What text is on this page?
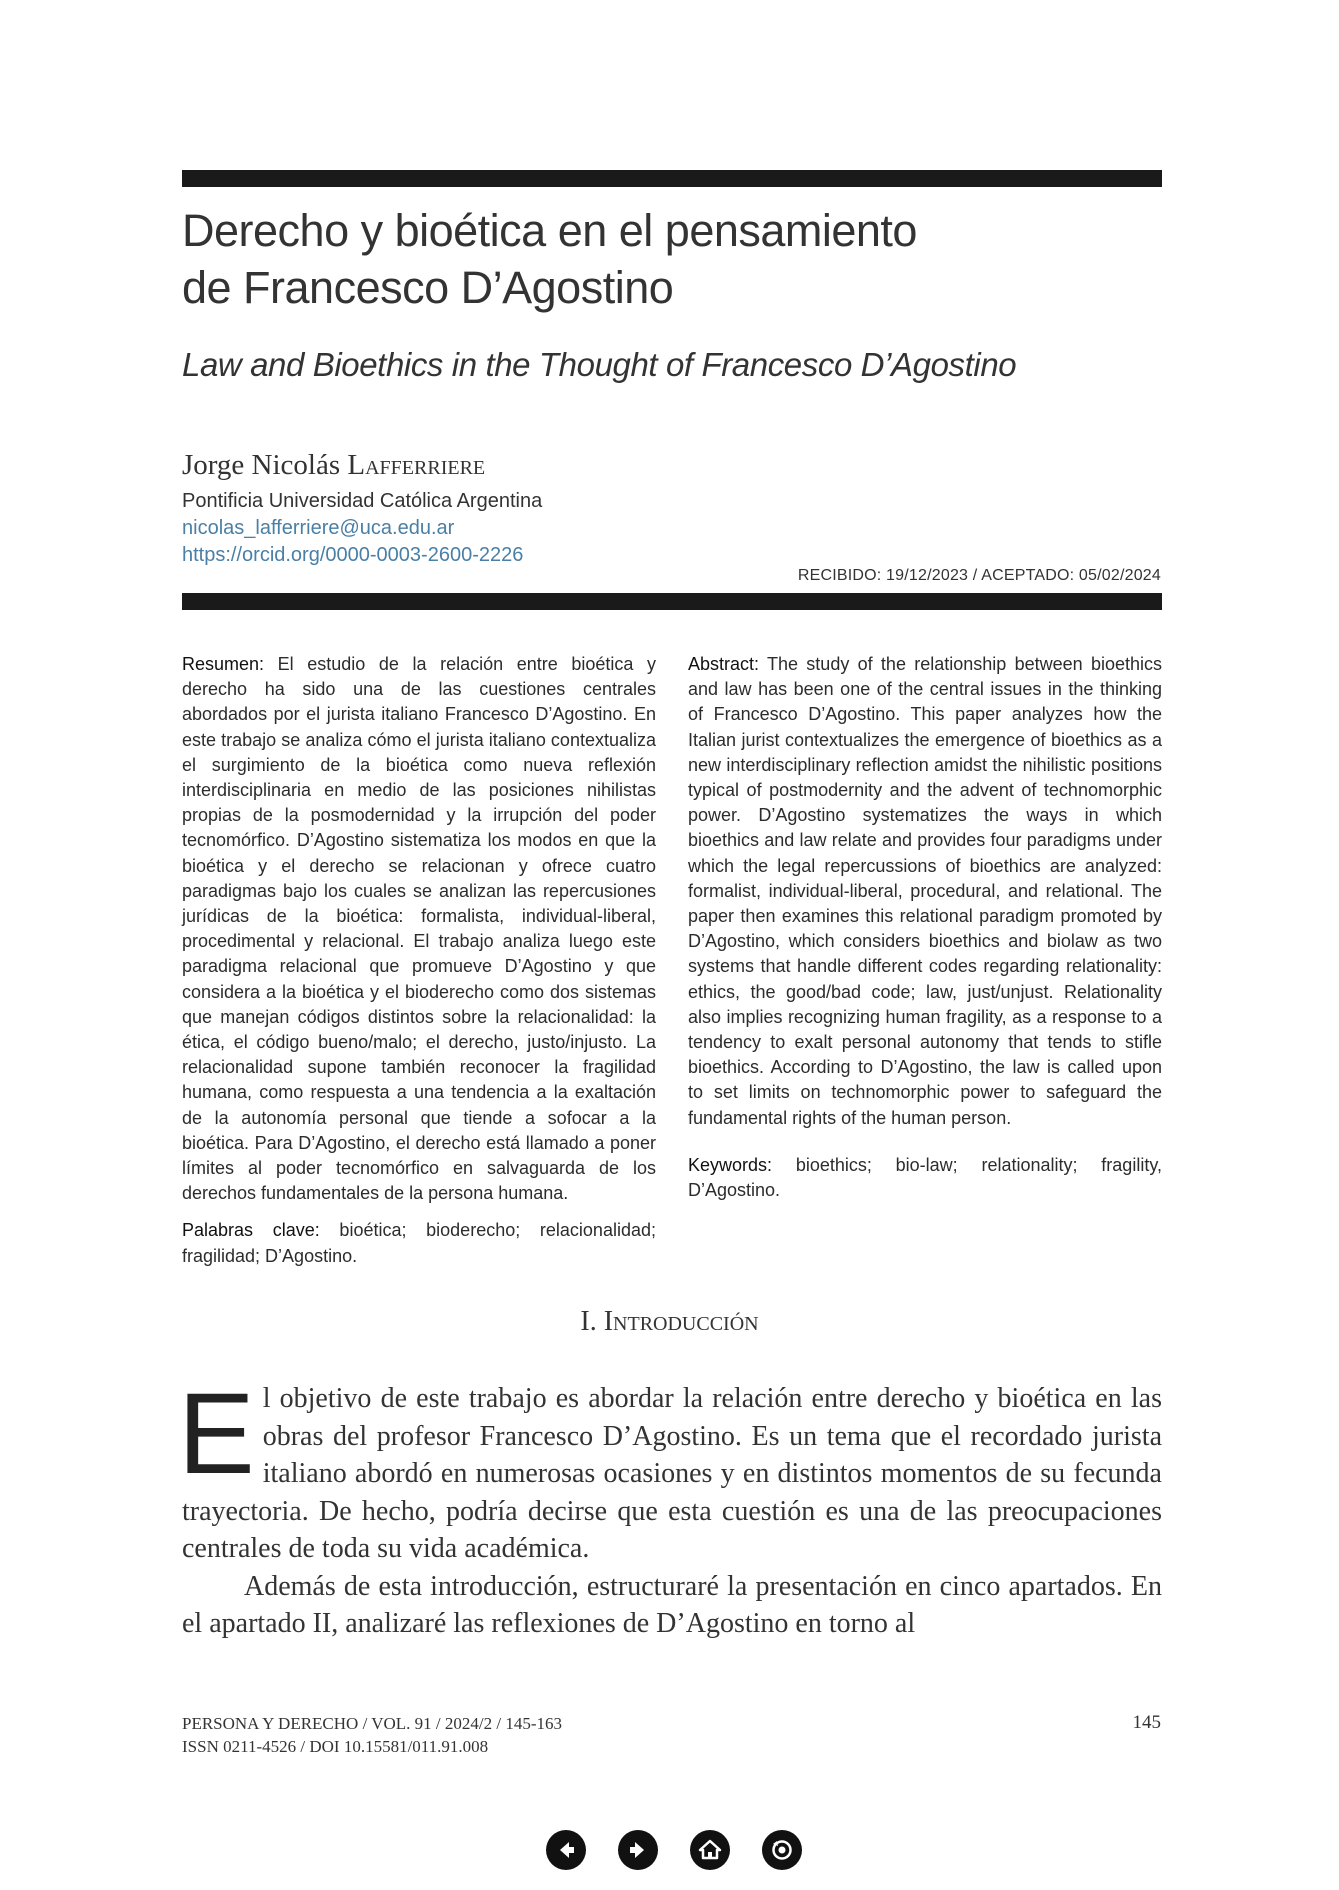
Derecho y bioética en el pensamiento
de Francesco D’Agostino
Law and Bioethics in the Thought of Francesco D’Agostino
Jorge Nicolás Lafferriere
Pontificia Universidad Católica Argentina
nicolas_lafferriere@uca.edu.ar
https://orcid.org/0000-0003-2600-2226
RECIBIDO: 19/12/2023 / ACEPTADO: 05/02/2024

Resumen: El estudio de la relación entre bioética y derecho ha sido una de las cuestiones centrales abordados por el jurista italiano Francesco D’Agostino. En este trabajo se analiza cómo el jurista italiano contextualiza el surgimiento de la bioética como nueva reflexión interdisciplinaria en medio de las posiciones nihilistas propias de la posmodernidad y la irrupción del poder tecnomórfico. D’Agostino sistematiza los modos en que la bioética y el derecho se relacionan y ofrece cuatro paradigmas bajo los cuales se analizan las repercusiones jurídicas de la bioética: formalista, individual-liberal, procedimental y relacional. El trabajo analiza luego este paradigma relacional que promueve D’Agostino y que considera a la bioética y el bioderecho como dos sistemas que manejan códigos distintos sobre la relacionalidad: la ética, el código bueno/malo; el derecho, justo/injusto. La relacionalidad supone también reconocer la fragilidad humana, como respuesta a una tendencia a la exaltación de la autonomía personal que tiende a sofocar a la bioética. Para D’Agostino, el derecho está llamado a poner límites al poder tecnomórfico en salvaguarda de los derechos fundamentales de la persona humana.

Palabras clave: bioética; bioderecho; relacionalidad; fragilidad; D’Agostino.

Abstract: The study of the relationship between bioethics and law has been one of the central issues in the thinking of Francesco D’Agostino. This paper analyzes how the Italian jurist contextualizes the emergence of bioethics as a new interdisciplinary reflection amidst the nihilistic positions typical of postmodernity and the advent of technomorphic power. D’Agostino systematizes the ways in which bioethics and law relate and provides four paradigms under which the legal repercussions of bioethics are analyzed: formalist, individual-liberal, procedural, and relational. The paper then examines this relational paradigm promoted by D’Agostino, which considers bioethics and biolaw as two systems that handle different codes regarding relationality: ethics, the good/bad code; law, just/unjust. Relationality also implies recognizing human fragility, as a response to a tendency to exalt personal autonomy that tends to stifle bioethics. According to D’Agostino, the law is called upon to set limits on technomorphic power to safeguard the fundamental rights of the human person.

Keywords: bioethics; bio-law; relationality; fragility, D’Agostino.

I. Introducción

El objetivo de este trabajo es abordar la relación entre derecho y bioética en las obras del profesor Francesco D’Agostino. Es un tema que el recordado jurista italiano abordó en numerosas ocasiones y en distintos momentos de su fecunda trayectoria. De hecho, podría decirse que esta cuestión es una de las preocupaciones centrales de toda su vida académica.

Además de esta introducción, estructuraré la presentación en cinco apartados. En el apartado II, analizaré las reflexiones de D’Agostino en torno al

PERSONA Y DERECHO / VOL. 91 / 2024/2 / 145-163
ISSN 0211-4526 / DOI 10.15581/011.91.008
145
